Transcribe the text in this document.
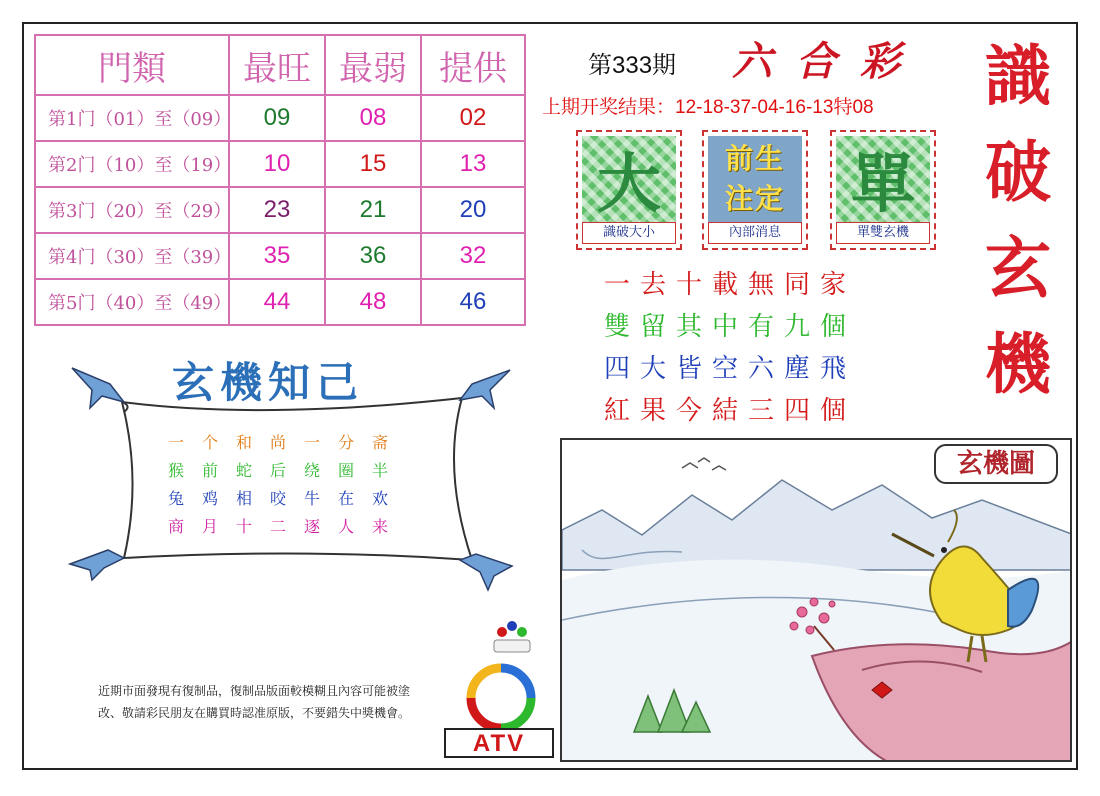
門類	最旺	最弱	提供
第1门（01）至（09）	09	08	02
第2门（10）至（19）	10	15	13
第3门（20）至（29）	23	21	20
第4门（30）至（39）	35	36	32
第5门（40）至（49）	44	48	46
第333期 六合彩
上期开奖结果：12-18-37-04-16-13特08 識
破
玄
機
大
識破大小
前生
注定
內部消息
單
單雙玄機
一去十載無同家
雙留其中有九個
四大皆空六塵飛
紅果今結三四個
玄機知己
一个和尚一分斋
猴前蛇后绕圈半
兔鸡相咬牛在欢
商月十二逐人来
近期市面發現有復制品，復制品版面較模糊且內容可能被塗
改、敬請彩民朋友在購買時認准原版，不要錯失中獎機會。
ATV
玄機圖
